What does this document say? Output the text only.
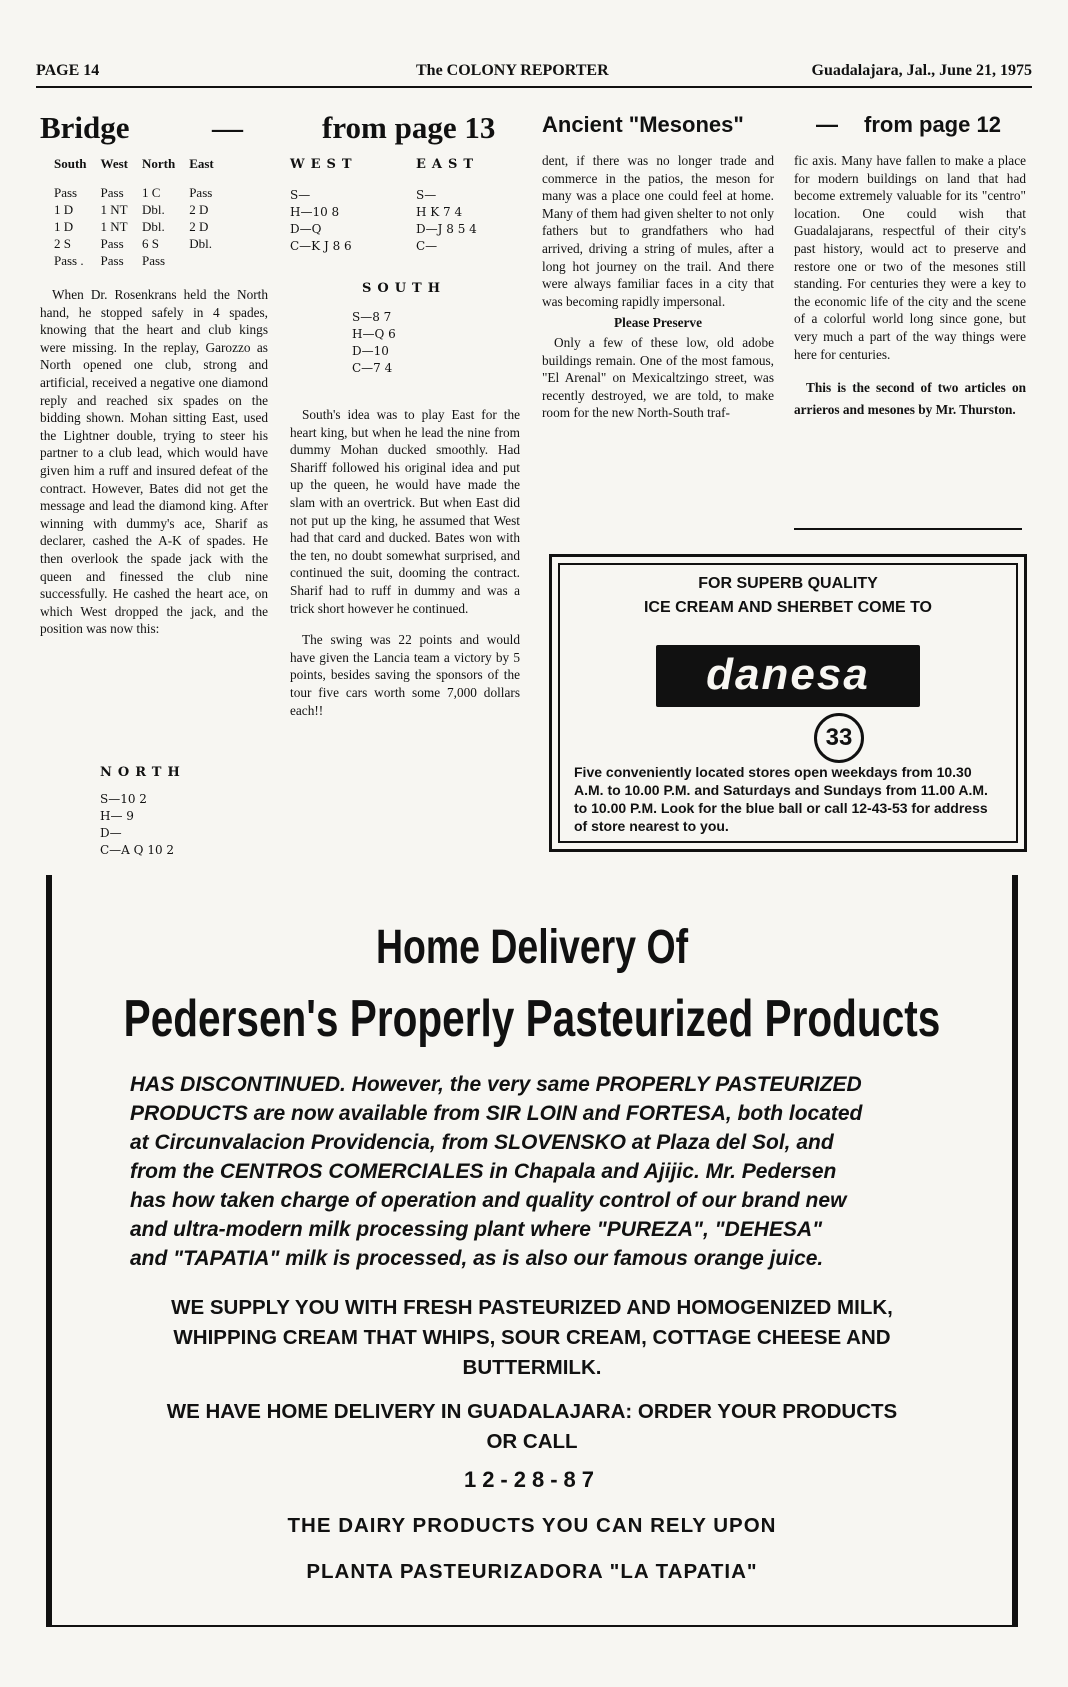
PAGE 14	The COLONY REPORTER	Guadalajara, Jal., June 21, 1975
Bridge	—	from page 13
South	West	North	East

Pass	Pass	1 C	Pass
1 D	1 NT	Dbl.	2 D
1 D	1 NT	Dbl.	2 D
2 S	Pass	6 S	Dbl.
Pass .	Pass	Pass	

When Dr. Rosenkrans held the North hand, he stopped safely in 4 spades, knowing that the heart and club kings were missing. In the replay, Garozzo as North opened one club, strong and artificial, received a negative one diamond reply and reached six spades on the bidding shown. Mohan sitting East, used the Lightner double, trying to steer his partner to a club lead, which would have given him a ruff and insured defeat of the contract. However, Bates did not get the message and lead the diamond king. After winning with dummy's ace, Sharif as declarer, cashed the A-K of spades. He then overlook the spade jack with the queen and finessed the club nine successfully. He cashed the heart ace, on which West dropped the jack, and the position was now this:

NORTH
S—10 2
H— 9
D—
C—A Q 10 2
WEST
S—
H—10 8
D—Q
C—K J 8 6
EAST
S—
H K 7 4
D—J 8 5 4
C—
SOUTH
S—8 7
H—Q 6
D—10
C—7 4

South's idea was to play East for the heart king, but when he lead the nine from dummy Mohan ducked smoothly. Had Shariff followed his original idea and put up the queen, he would have made the slam with an overtrick. But when East did not put up the king, he assumed that West had that card and ducked. Bates won with the ten, no doubt somewhat surprised, and continued the suit, dooming the contract. Sharif had to ruff in dummy and was a trick short however he continued.

The swing was 22 points and would have given the Lancia team a victory by 5 points, besides saving the sponsors of the tour five cars worth some 7,000 dollars each!!

Ancient "Mesones"	— from page 12

dent, if there was no longer trade and commerce in the patios, the meson for many was a place one could feel at home. Many of them had given shelter to not only fathers but to grandfathers who had arrived, driving a string of mules, after a long hot journey on the trail. And there were always familiar faces in a city that was becoming rapidly impersonal.

Please Preserve

Only a few of these low, old adobe buildings remain. One of the most famous, "El Arenal" on Mexicaltzingo street, was recently destroyed, we are told, to make room for the new North-South traf-

fic axis. Many have fallen to make a place for modern buildings on land that had become extremely valuable for its "centro" location. One could wish that Guadalajarans, respectful of their city's past history, would act to preserve and restore one or two of the mesones still standing. For centuries they were a key to the economic life of the city and the scene of a colorful world long since gone, but very much a part of the way things were here for centuries.

This is the second of two articles on arrieros and mesones by Mr. Thurston.

FOR SUPERB QUALITY
ICE CREAM AND SHERBET COME TO
danesa
33
Five conveniently located stores open weekdays from 10.30 A.M. to 10.00 P.M. and Saturdays and Sundays from 11.00 A.M. to 10.00 P.M. Look for the blue ball or call 12-43-53 for address of store nearest to you.
Home Delivery Of
Pedersen's Properly Pasteurized Products
HAS DISCONTINUED. However, the very same PROPERLY PASTEURIZED
PRODUCTS are now available from SIR LOIN and FORTESA, both located
at Circunvalacion Providencia, from SLOVENSKO at Plaza del Sol, and
from the CENTROS COMERCIALES in Chapala and Ajijic. Mr. Pedersen
has how taken charge of operation and quality control of our brand new
and ultra-modern milk processing plant where "PUREZA", "DEHESA"
and "TAPATIA" milk is processed, as is also our famous orange juice.
WE SUPPLY YOU WITH FRESH PASTEURIZED AND HOMOGENIZED MILK,
WHIPPING CREAM THAT WHIPS, SOUR CREAM, COTTAGE CHEESE AND
BUTTERMILK.
WE HAVE HOME DELIVERY IN GUADALAJARA: ORDER YOUR PRODUCTS
OR CALL
12-28-87
THE DAIRY PRODUCTS YOU CAN RELY UPON
PLANTA PASTEURIZADORA "LA TAPATIA"
